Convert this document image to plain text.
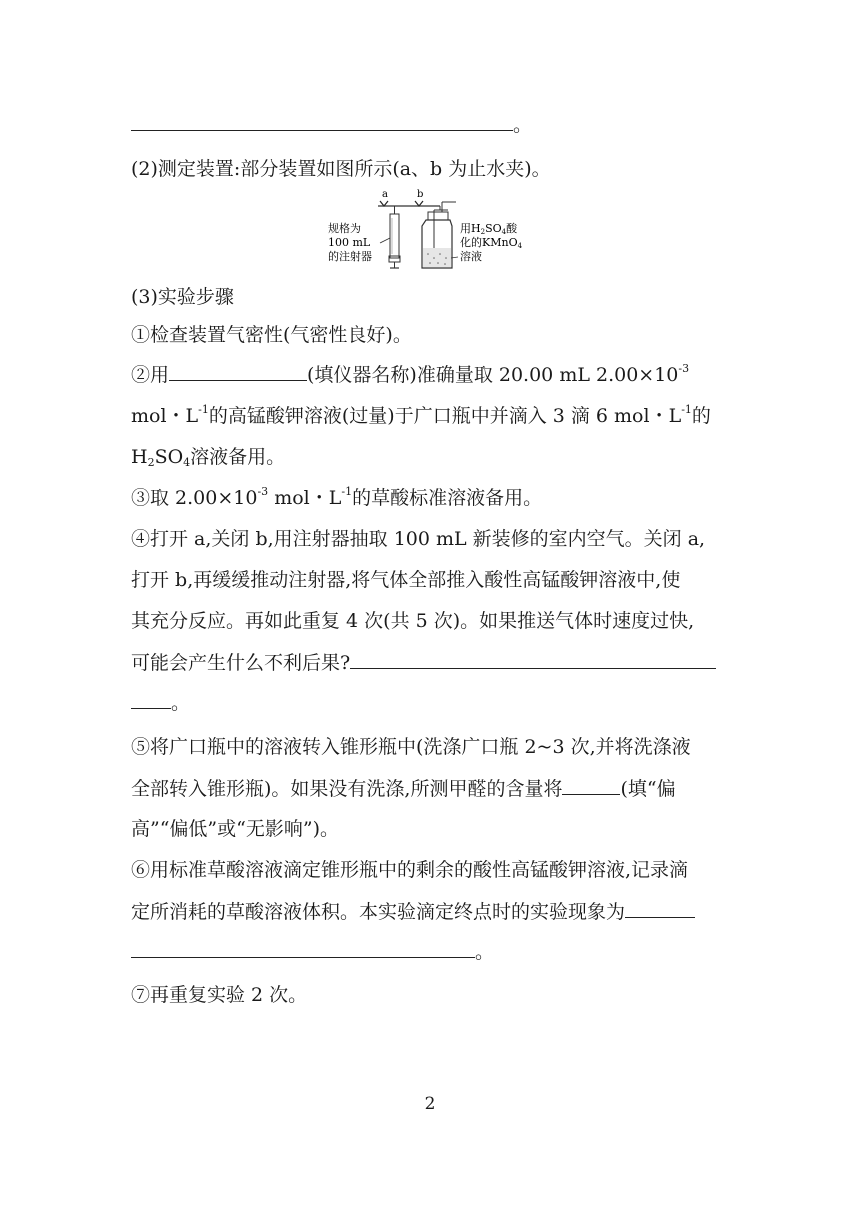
。
(2)测定装置:部分装置如图所示(a、b 为止水夹)。
a	b
规格为
100 mL
的注射器
用H2SO4酸
化的KMnO4
溶液
(3)实验步骤
①检查装置气密性(气密性良好)。
②用	(填仪器名称)准确量取 20.00 mL $2.00\times 10^{-3}$
mol・$L^{-1}$的高锰酸钾溶液(过量)于广口瓶中并滴入 3 滴 6 mol・$L^{-1}$的
$H_2SO_4$溶液备用。
③取 $2.00\times 10^{-3}$ mol・$L^{-1}$的草酸标准溶液备用。
④打开 a,关闭 b,用注射器抽取 100 mL 新装修的室内空气。关闭 a,
打开 b,再缓缓推动注射器,将气体全部推入酸性高锰酸钾溶液中,使
其充分反应。再如此重复 4 次(共 5 次)。如果推送气体时速度过快,
可能会产生什么不利后果?
。
⑤将广口瓶中的溶液转入锥形瓶中(洗涤广口瓶 2~3 次,并将洗涤液
全部转入锥形瓶)。如果没有洗涤,所测甲醛的含量将	(填“偏
高”“偏低”或“无影响”)。
⑥用标准草酸溶液滴定锥形瓶中的剩余的酸性高锰酸钾溶液,记录滴
定所消耗的草酸溶液体积。本实验滴定终点时的实验现象为
。
⑦再重复实验 2 次。
2
